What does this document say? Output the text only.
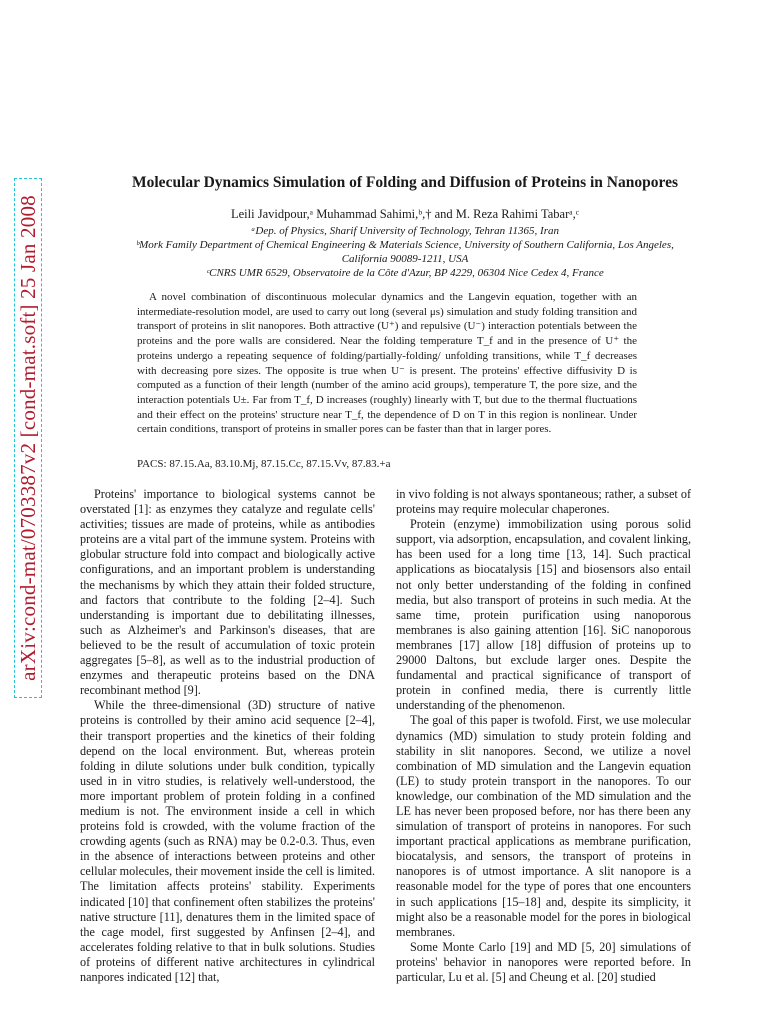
arXiv:cond-mat/0703387v2 [cond-mat.soft] 25 Jan 2008
Molecular Dynamics Simulation of Folding and Diffusion of Proteins in Nanopores
Leili Javidpour,ᵃ Muhammad Sahimi,ᵇ,† and M. Reza Rahimi Tabarᵃ,ᶜ
ᵃDep. of Physics, Sharif University of Technology, Tehran 11365, Iran
ᵇMork Family Department of Chemical Engineering & Materials Science, University of Southern California, Los Angeles,
California 90089-1211, USA
ᶜCNRS UMR 6529, Observatoire de la Côte d'Azur, BP 4229, 06304 Nice Cedex 4, France
A novel combination of discontinuous molecular dynamics and the Langevin equation, together with an intermediate-resolution model, are used to carry out long (several μs) simulation and study folding transition and transport of proteins in slit nanopores. Both attractive (U⁺) and repulsive (U⁻) interaction potentials between the proteins and the pore walls are considered. Near the folding temperature T_f and in the presence of U⁺ the proteins undergo a repeating sequence of folding/partially-folding/ unfolding transitions, while T_f decreases with decreasing pore sizes. The opposite is true when U⁻ is present. The proteins' effective diffusivity D is computed as a function of their length (number of the amino acid groups), temperature T, the pore size, and the interaction potentials U±. Far from T_f, D increases (roughly) linearly with T, but due to the thermal fluctuations and their effect on the proteins' structure near T_f, the dependence of D on T in this region is nonlinear. Under certain conditions, transport of proteins in smaller pores can be faster than that in larger pores.
PACS: 87.15.Aa, 83.10.Mj, 87.15.Cc, 87.15.Vv, 87.83.+a

Proteins' importance to biological systems cannot be overstated [1]: as enzymes they catalyze and regulate cells' activities; tissues are made of proteins, while as antibodies proteins are a vital part of the immune system. Proteins with globular structure fold into compact and biologically active configurations, and an important problem is understanding the mechanisms by which they attain their folded structure, and factors that contribute to the folding [2–4]. Such understanding is important due to debilitating illnesses, such as Alzheimer's and Parkinson's diseases, that are believed to be the result of accumulation of toxic protein aggregates [5–8], as well as to the industrial production of enzymes and therapeutic proteins based on the DNA recombinant method [9].

While the three-dimensional (3D) structure of native proteins is controlled by their amino acid sequence [2–4], their transport properties and the kinetics of their folding depend on the local environment. But, whereas protein folding in dilute solutions under bulk condition, typically used in in vitro studies, is relatively well-understood, the more important problem of protein folding in a confined medium is not. The environment inside a cell in which proteins fold is crowded, with the volume fraction of the crowding agents (such as RNA) may be 0.2-0.3. Thus, even in the absence of interactions between proteins and other cellular molecules, their movement inside the cell is limited. The limitation affects proteins' stability. Experiments indicated [10] that confinement often stabilizes the proteins' native structure [11], denatures them in the limited space of the cage model, first suggested by Anfinsen [2–4], and accelerates folding relative to that in bulk solutions. Studies of proteins of different native architectures in cylindrical nanpores indicated [12] that,

in vivo folding is not always spontaneous; rather, a subset of proteins may require molecular chaperones.

Protein (enzyme) immobilization using porous solid support, via adsorption, encapsulation, and covalent linking, has been used for a long time [13, 14]. Such practical applications as biocatalysis [15] and biosensors also entail not only better understanding of the folding in confined media, but also transport of proteins in such media. At the same time, protein purification using nanoporous membranes is also gaining attention [16]. SiC nanoporous membranes [17] allow [18] diffusion of proteins up to 29000 Daltons, but exclude larger ones. Despite the fundamental and practical significance of transport of protein in confined media, there is currently little understanding of the phenomenon.

The goal of this paper is twofold. First, we use molecular dynamics (MD) simulation to study protein folding and stability in slit nanopores. Second, we utilize a novel combination of MD simulation and the Langevin equation (LE) to study protein transport in the nanopores. To our knowledge, our combination of the MD simulation and the LE has never been proposed before, nor has there been any simulation of transport of proteins in nanopores. For such important practical applications as membrane purification, biocatalysis, and sensors, the transport of proteins in nanopores is of utmost importance. A slit nanopore is a reasonable model for the type of pores that one encounters in such applications [15–18] and, despite its simplicity, it might also be a reasonable model for the pores in biological membranes.

Some Monte Carlo [19] and MD [5, 20] simulations of proteins' behavior in nanopores were reported before. In particular, Lu et al. [5] and Cheung et al. [20] studied
